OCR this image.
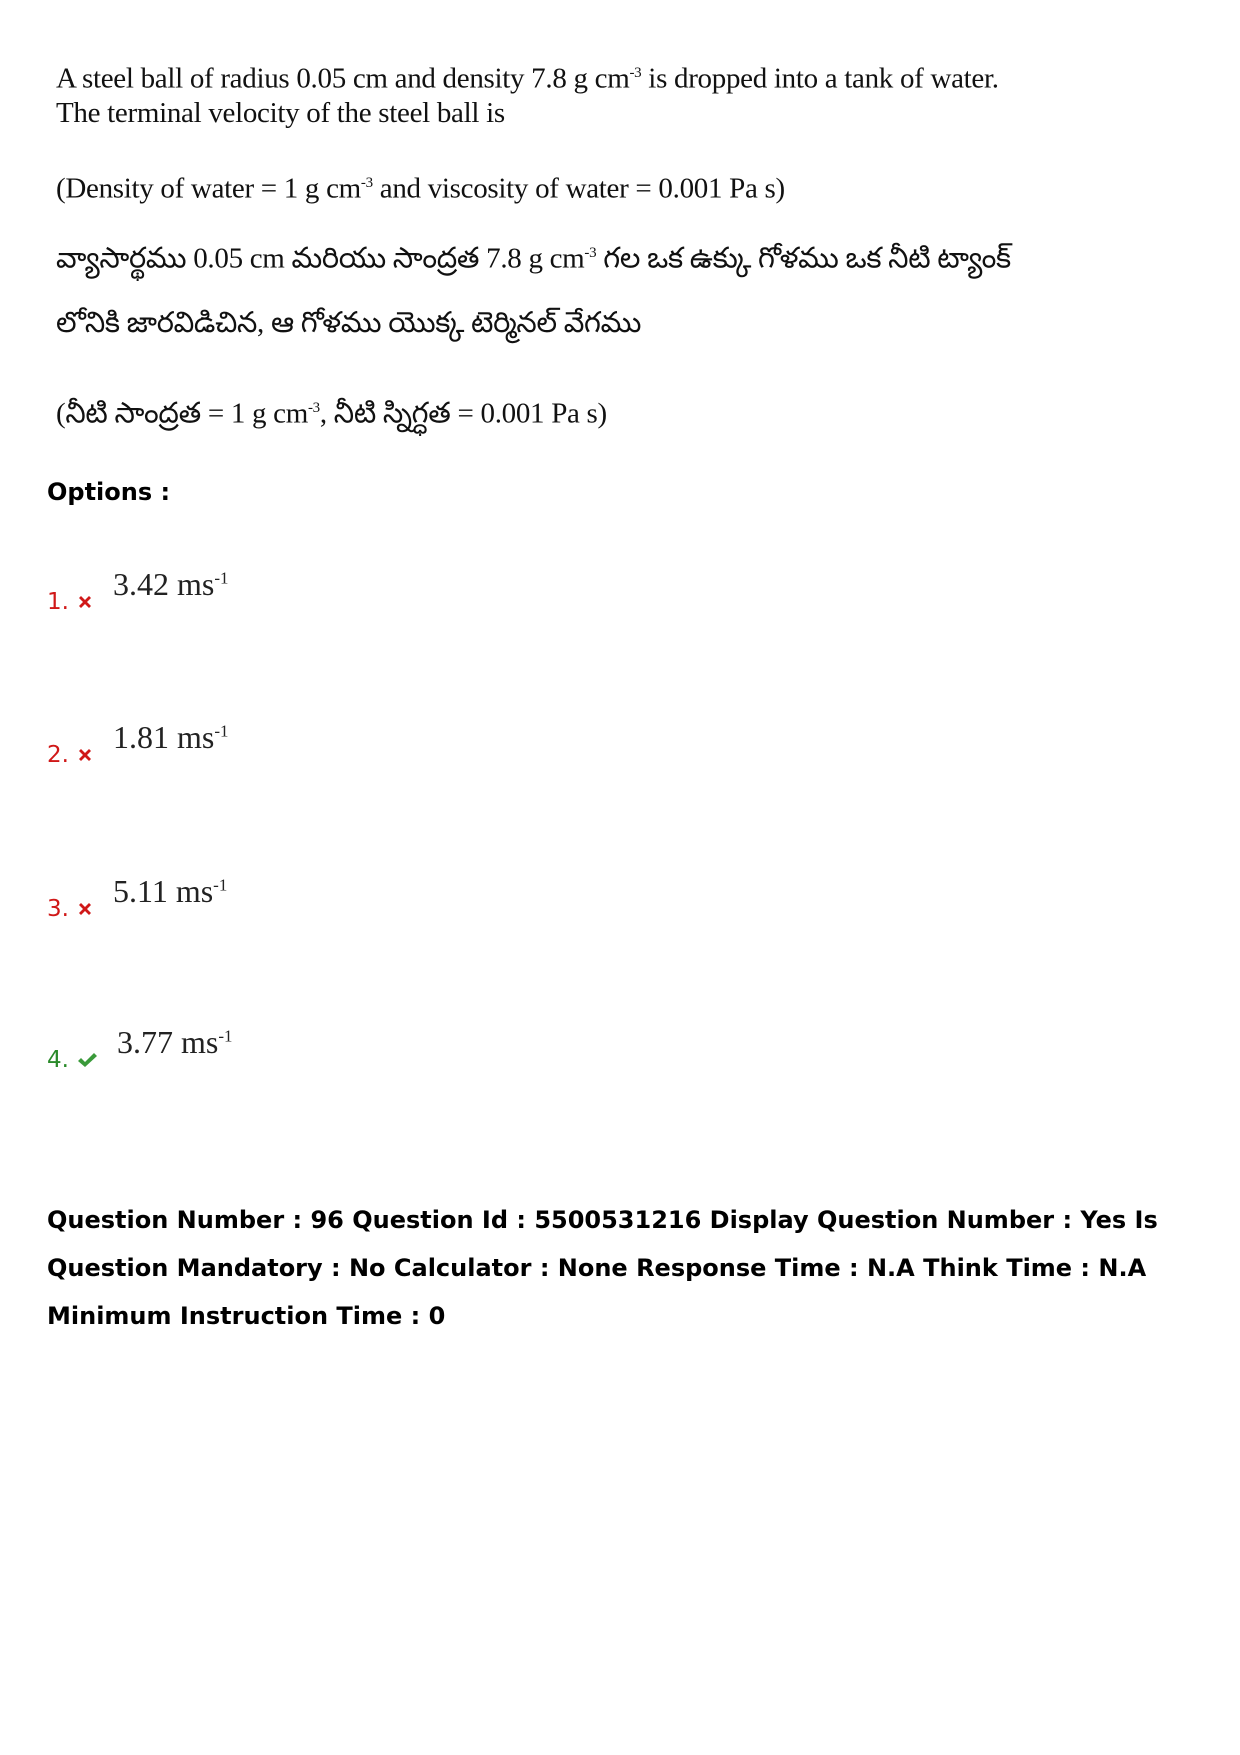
A steel ball of radius 0.05 cm and density 7.8 g $cm^{-3}$ is dropped into a tank of water.
The terminal velocity of the steel ball is
(Density of water = 1 g $cm^{-3}$ and viscosity of water = 0.001 Pa s)
వ్యాసార్థము 0.05 cm మరియు సాంద్రత 7.8 g $cm^{-3}$ గల ఒక ఉక్కు గోళము ఒక నీటి ట్యాంక్
లోనికి జారవిడిచిన, ఆ గోళము యొక్క టెర్మినల్ వేగము
(నీటి సాంద్రత = 1 g $cm^{-3}$, నీటి స్నిగ్ధత = 0.001 Pa s)
Options :
1. 3.42 $ms^{-1}$
2. 1.81 $ms^{-1}$
3. 5.11 $ms^{-1}$
4. 3.77 $ms^{-1}$
Question Number : 96 Question Id : 5500531216 Display Question Number : Yes Is Question Mandatory : No Calculator : None Response Time : N.A Think Time : N.A Minimum Instruction Time : 0
